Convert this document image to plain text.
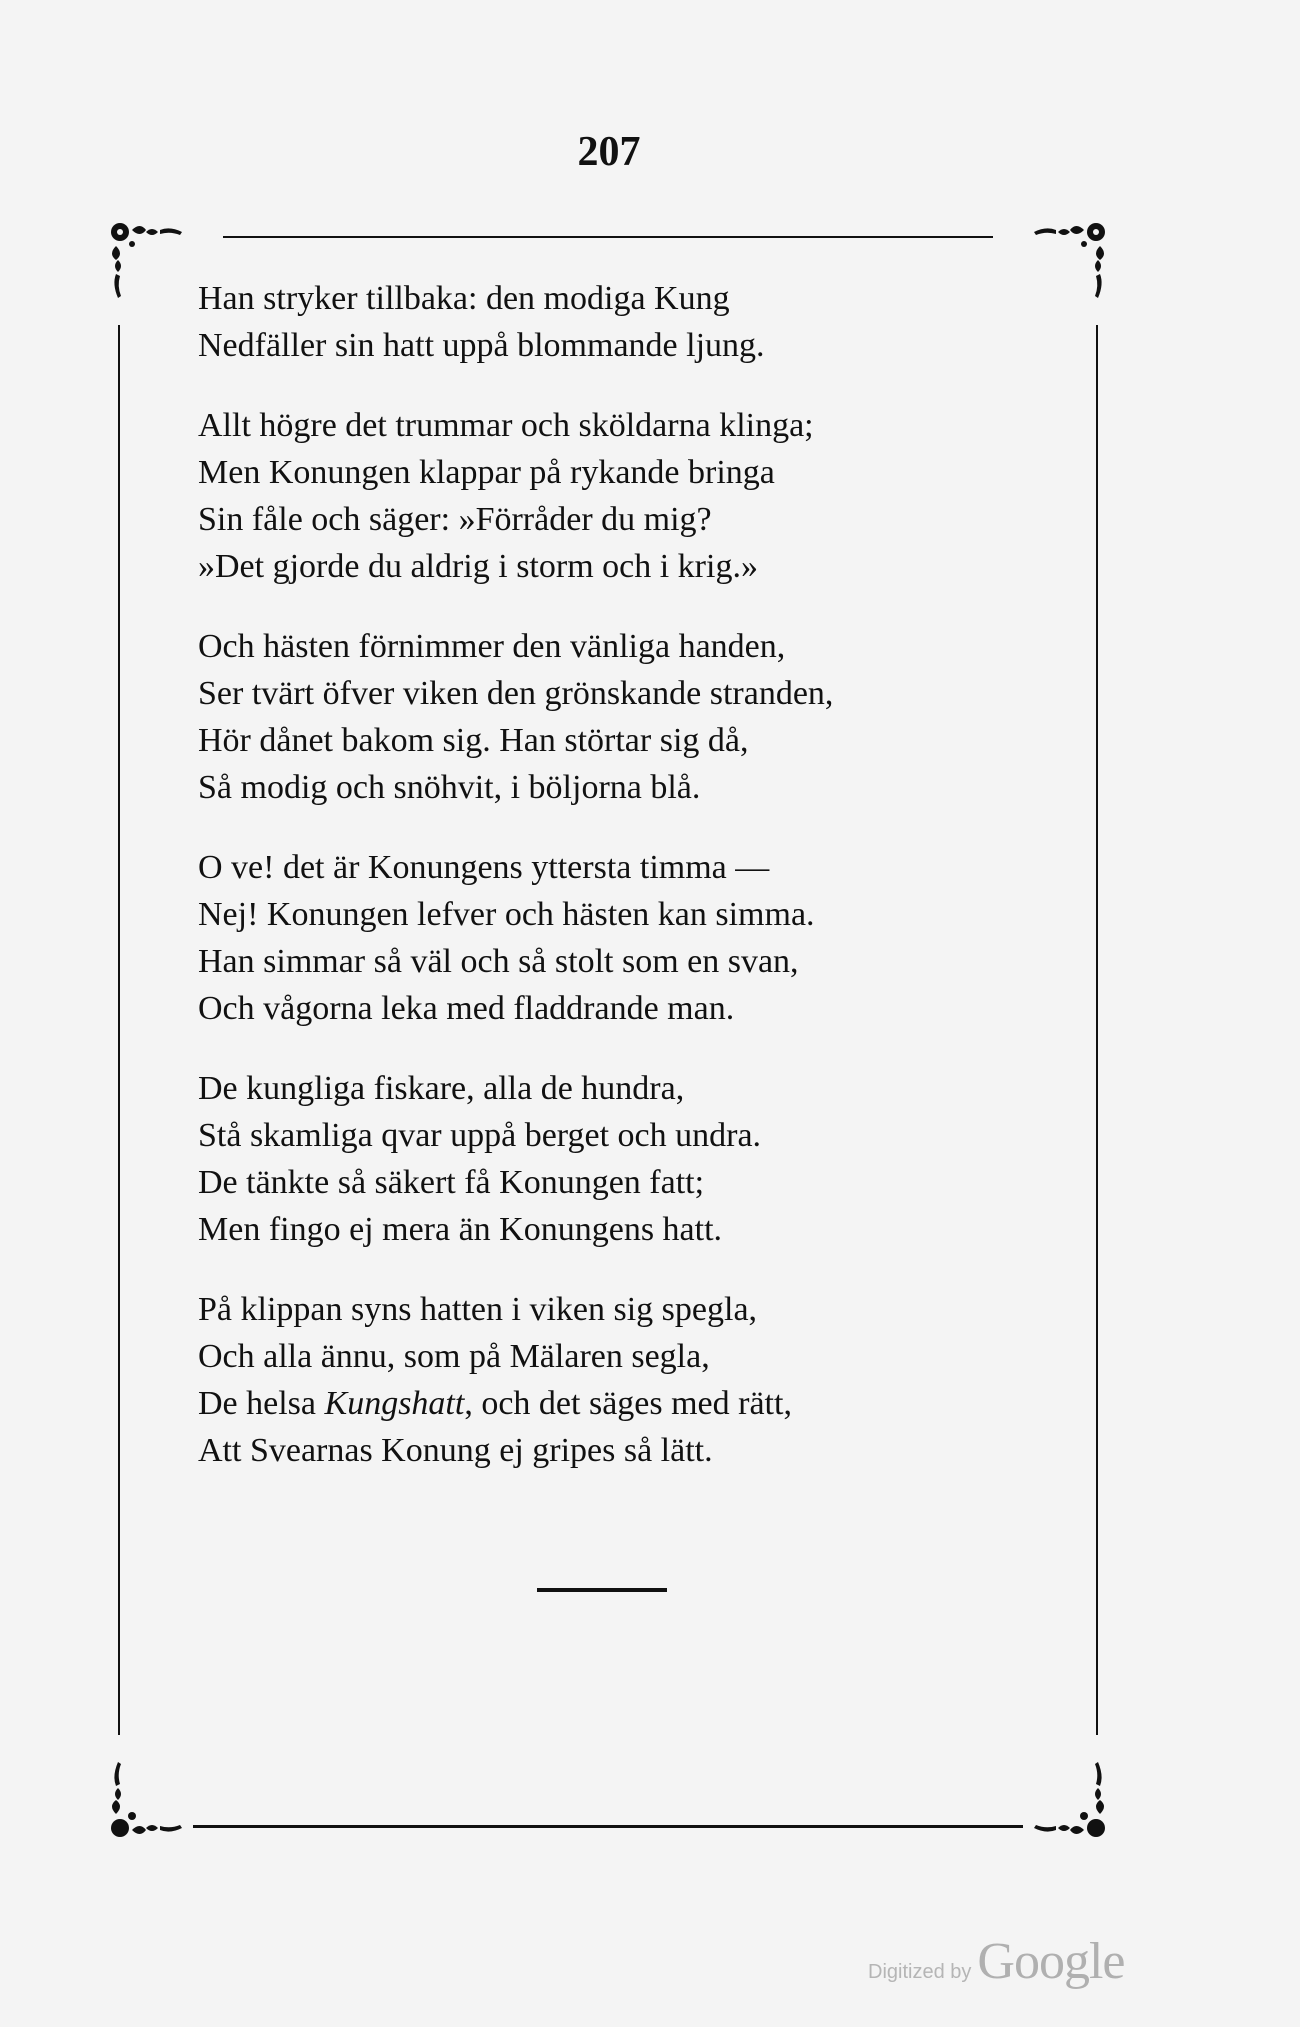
207
Han stryker tillbaka: den modiga Kung
Nedfäller sin hatt uppå blommande ljung.
Allt högre det trummar och sköldarna klinga;
Men Konungen klappar på rykande bringa
Sin fåle och säger: »Förråder du mig?
»Det gjorde du aldrig i storm och i krig.»
Och hästen förnimmer den vänliga handen,
Ser tvärt öfver viken den grönskande stranden,
Hör dånet bakom sig. Han störtar sig då,
Så modig och snöhvit, i böljorna blå.
O ve! det är Konungens yttersta timma —
Nej! Konungen lefver och hästen kan simma.
Han simmar så väl och så stolt som en svan,
Och vågorna leka med fladdrande man.
De kungliga fiskare, alla de hundra,
Stå skamliga qvar uppå berget och undra.
De tänkte så säkert få Konungen fatt;
Men fingo ej mera än Konungens hatt.
På klippan syns hatten i viken sig spegla,
Och alla ännu, som på Mälaren segla,
De helsa Kungshatt, och det säges med rätt,
Att Svearnas Konung ej gripes så lätt.
Digitized by Google
